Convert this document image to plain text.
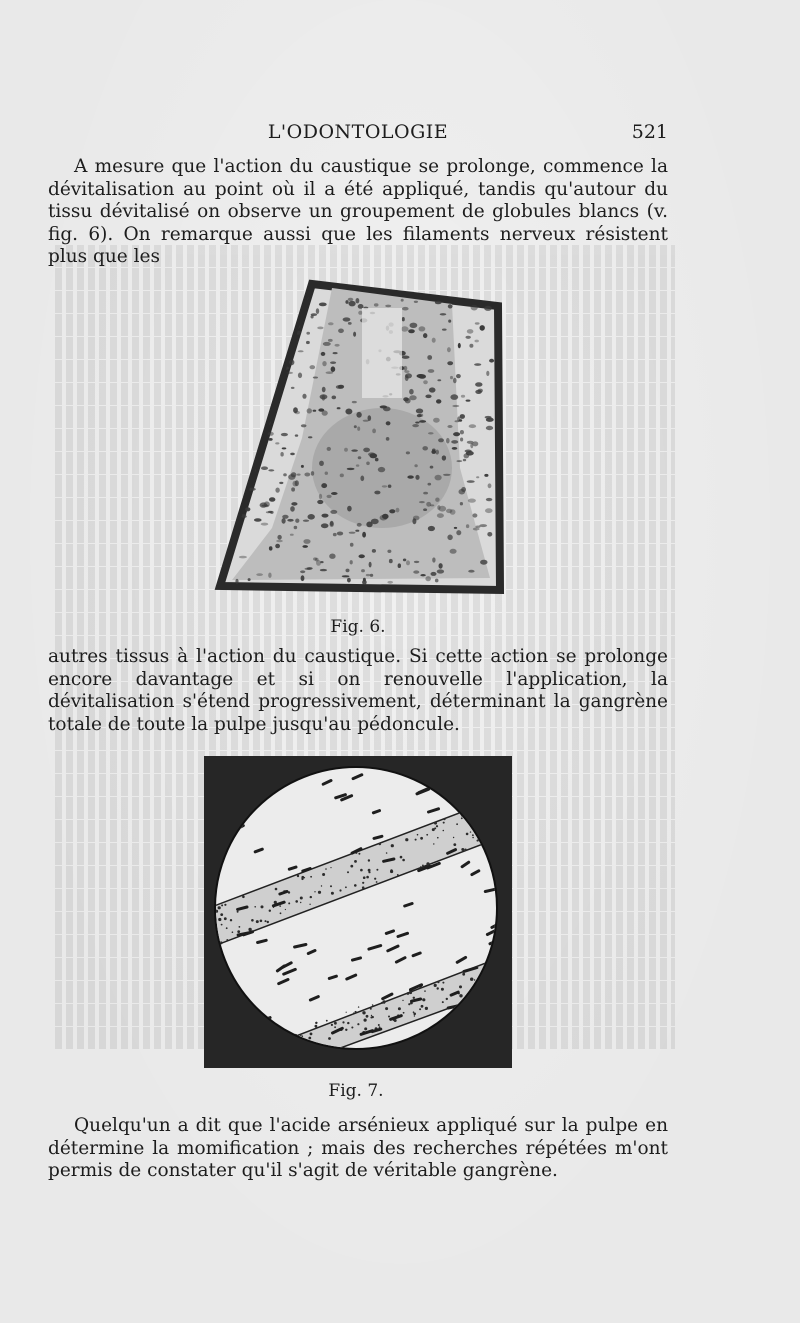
L'ODONTOLOGIE	521

A mesure que l'action du caustique se prolonge, commence la dévitalisation au point où il a été appliqué, tandis qu'autour du tissu dévitalisé on observe un groupement de globules blancs (v. fig. 6). On remarque aussi que les filaments nerveux résistent plus que les

Fig. 6.

autres tissus à l'action du caustique. Si cette action se prolonge encore davantage et si on renouvelle l'application, la dévitalisation s'étend progressivement, déterminant la gangrène totale de toute la pulpe jusqu'au pédoncule.

Fig. 7.

Quelqu'un a dit que l'acide arsénieux appliqué sur la pulpe en détermine la momification ; mais des recherches répétées m'ont permis de constater qu'il s'agit de véritable gangrène.
